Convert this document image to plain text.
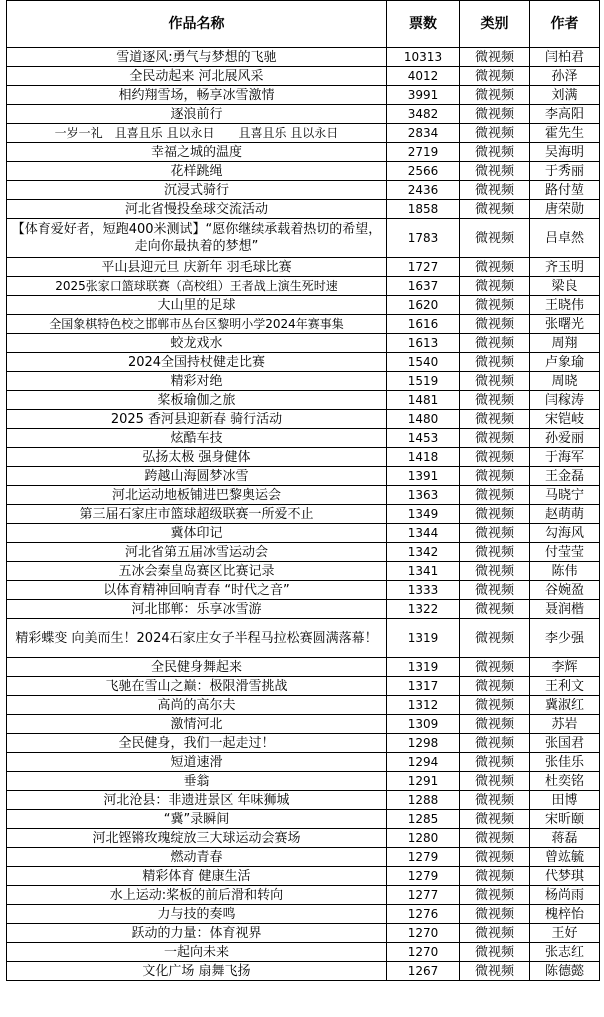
作品名称	票数	类别	作者
雪道逐风:勇气与梦想的飞驰	10313	微视频	闫柏君
全民动起来 河北展风采	4012	微视频	孙泽
相约翔雪场，畅享冰雪激情	3991	微视频	刘满
逐浪前行	3482	微视频	李高阳
一岁一礼　且喜且乐 且以永日　　且喜且乐 且以永日	2834	微视频	霍先生
幸福之城的温度	2719	微视频	吴海明
花样跳绳	2566	微视频	于秀丽
沉浸式骑行	2436	微视频	路付堃
河北省慢投垒球交流活动	1858	微视频	唐荣勋
【体育爱好者，短跑400米测试】“愿你继续承载着热切的希望，走向你最执着的梦想”	1783	微视频	吕卓然
平山县迎元旦 庆新年 羽毛球比赛	1727	微视频	齐玉明
2025张家口篮球联赛（高校组）王者战上演生死时速	1637	微视频	梁良
大山里的足球	1620	微视频	王晓伟
全国象棋特色校之邯郸市丛台区黎明小学2024年赛事集	1616	微视频	张曙光
蛟龙戏水	1613	微视频	周翔
2024全国持杖健走比赛	1540	微视频	卢象瑜
精彩对绝	1519	微视频	周晓
桨板瑜伽之旅	1481	微视频	闫稼涛
2025 香河县迎新春 骑行活动	1480	微视频	宋铠岐
炫酷车技	1453	微视频	孙爱丽
弘扬太极 强身健体	1418	微视频	于海军
跨越山海圆梦冰雪	1391	微视频	王金磊
河北运动地板铺进巴黎奥运会	1363	微视频	马晓宁
第三届石家庄市篮球超级联赛一所爱不止	1349	微视频	赵萌萌
冀体印记	1344	微视频	勾海风
河北省第五届冰雪运动会	1342	微视频	付莹莹
五冰会秦皇岛赛区比赛记录	1341	微视频	陈伟
以体育精神回响青春 “时代之音”	1333	微视频	谷婉盈
河北邯郸：乐享冰雪游	1322	微视频	聂润楷
精彩蝶变 向美而生！2024石家庄女子半程马拉松赛圆满落幕！	1319	微视频	李少强
全民健身舞起来	1319	微视频	李辉
飞驰在雪山之巅：极限滑雪挑战	1317	微视频	王利文
高尚的高尔夫	1312	微视频	冀淑红
激情河北	1309	微视频	苏岩
全民健身，我们一起走过！	1298	微视频	张国君
短道速滑	1294	微视频	张佳乐
垂翁	1291	微视频	杜奕铭
河北沧县：非遗进景区 年味狮城	1288	微视频	田博
“冀”录瞬间	1285	微视频	宋昕颐
河北铿锵玫瑰绽放三大球运动会赛场	1280	微视频	蒋磊
燃动青春	1279	微视频	曾竑毓
精彩体育 健康生活	1279	微视频	代梦琪
水上运动:桨板的前后滑和转向	1277	微视频	杨尚雨
力与技的奏鸣	1276	微视频	槐梓怡
跃动的力量：体育视界	1270	微视频	王好
一起向未来	1270	微视频	张志红
文化广场 扇舞飞扬	1267	微视频	陈德懿
